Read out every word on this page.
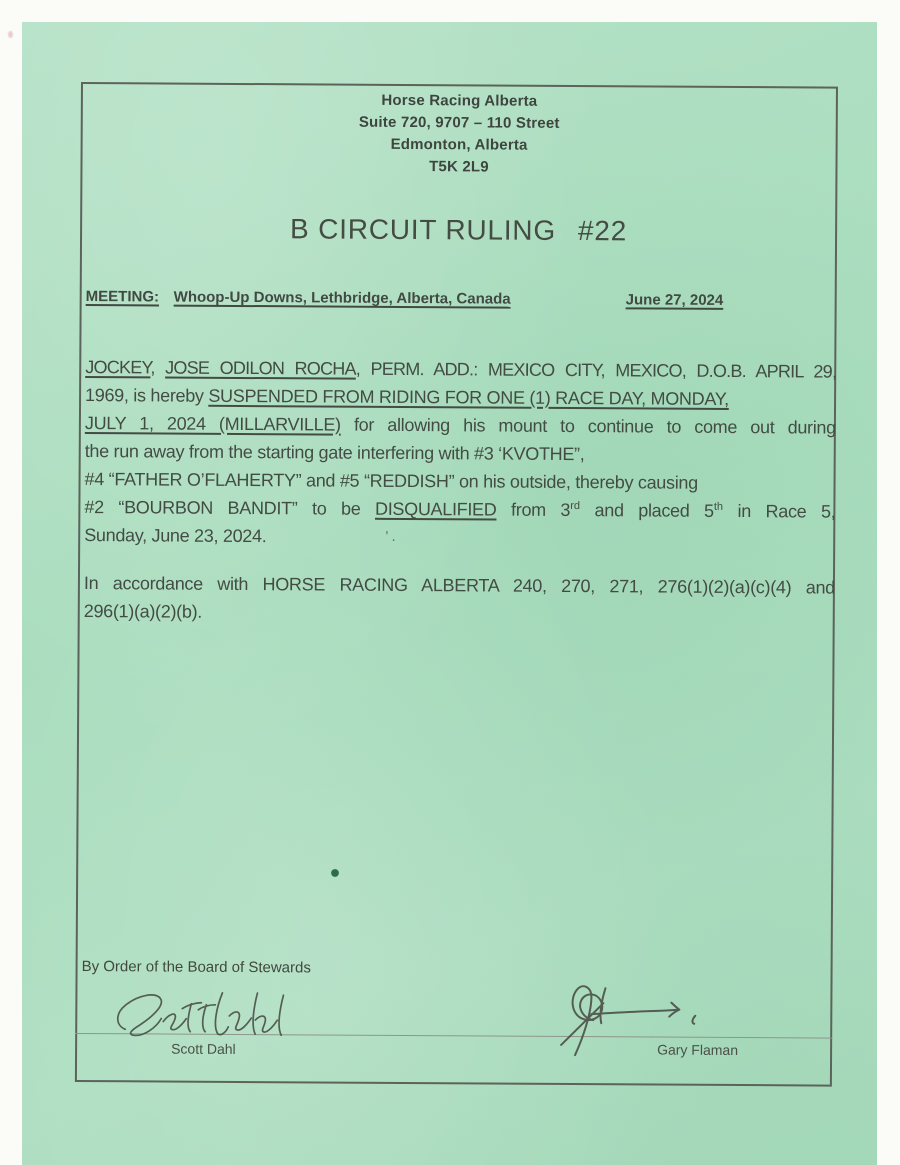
Horse Racing Alberta
Suite 720, 9707 – 110 Street
Edmonton, Alberta
T5K 2L9
B CIRCUIT RULING #22
MEETING: Whoop-Up Downs, Lethbridge, Alberta, Canada	June 27, 2024
JOCKEY, JOSE ODILON ROCHA, PERM. ADD.: MEXICO CITY, MEXICO, D.O.B. APRIL 29,
1969, is hereby SUSPENDED FROM RIDING FOR ONE (1) RACE DAY, MONDAY,
JULY 1, 2024 (MILLARVILLE) for allowing his mount to continue to come out during
the run away from the starting gate interfering with #3 ‘KVOTHE”,
#4 “FATHER O’FLAHERTY” and #5 “REDDISH” on his outside, thereby causing
#2 “BOURBON BANDIT” to be DISQUALIFIED from 3rd and placed 5th in Race 5,
Sunday, June 23, 2024.	’ .
In accordance with HORSE RACING ALBERTA 240, 270, 271, 276(1)(2)(a)(c)(4) and
296(1)(a)(2)(b).
By Order of the Board of Stewards
Scott Dahl	Gary Flaman
